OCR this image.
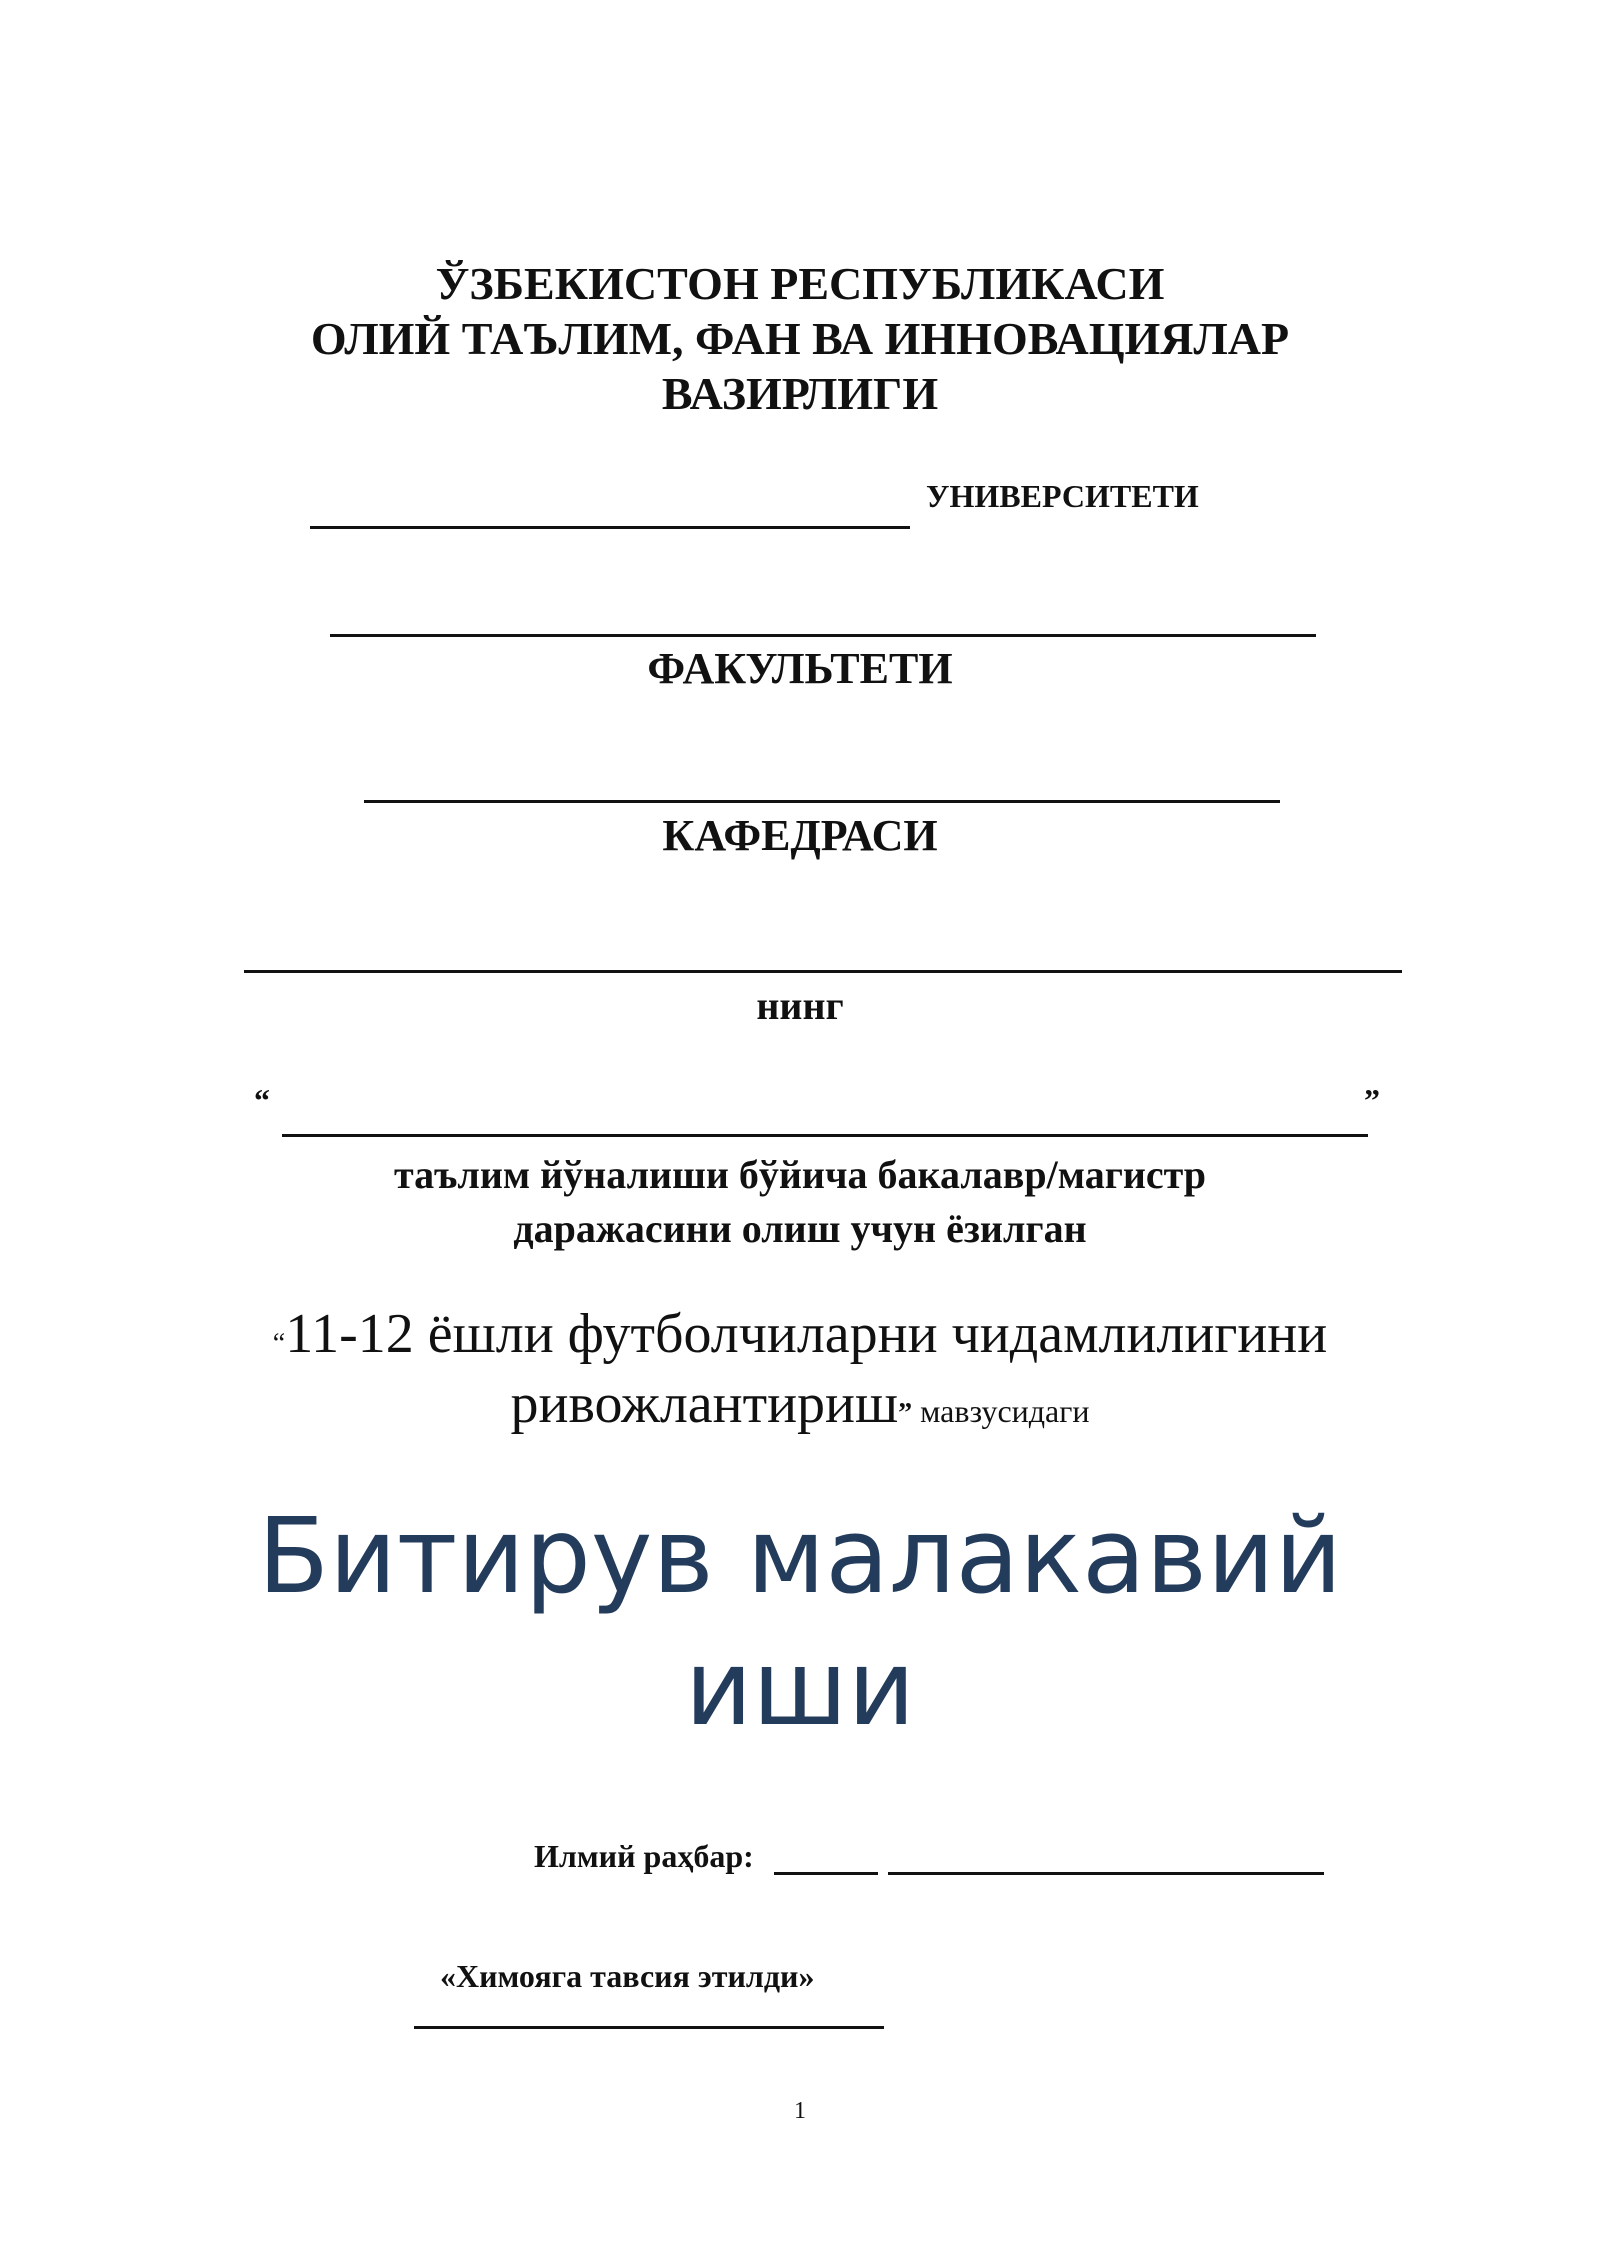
ЎЗБЕКИСТОН РЕСПУБЛИКАСИ
ОЛИЙ ТАЪЛИМ, ФАН ВА ИННОВАЦИЯЛАР
ВАЗИРЛИГИ
УНИВЕРСИТЕТИ
ФАКУЛЬТЕТИ
КАФЕДРАСИ
нинг
“	”
таълим йўналиши бўйича бакалавр/магистр
даражасини олиш учун ёзилган
“11-12 ёшли футболчиларни чидамлилигини
ривожлантириш” мавзусидаги
Битирув малакавий
иши
Илмий раҳбар:
«Химояга тавсия этилди»
1
